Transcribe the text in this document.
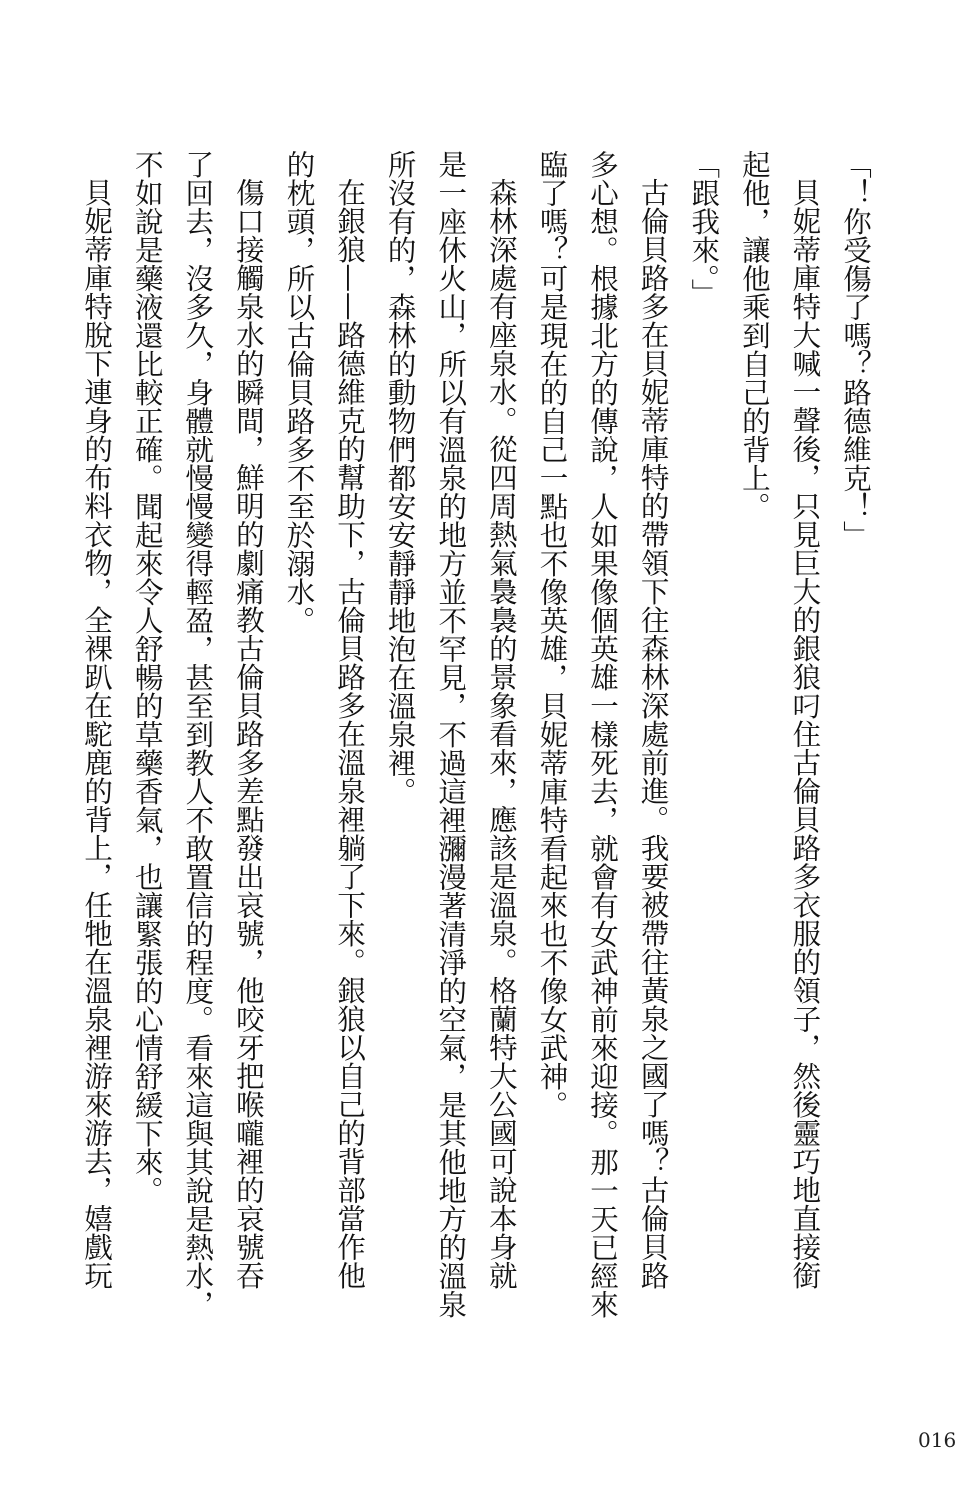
「！你受傷了嗎？路德維克！」
貝妮蒂庫特大喊一聲後，只見巨大的銀狼叼住古倫貝路多衣服的領子，然後靈巧地直接銜
起他，讓他乘到自己的背上。
「跟我來。」
古倫貝路多在貝妮蒂庫特的帶領下往森林深處前進。我要被帶往黃泉之國了嗎？古倫貝路
多心想。根據北方的傳說，人如果像個英雄一樣死去，就會有女武神前來迎接。那一天已經來
臨了嗎？可是現在的自己一點也不像英雄，貝妮蒂庫特看起來也不像女武神。
森林深處有座泉水。從四周熱氣裊裊的景象看來，應該是溫泉。格蘭特大公國可說本身就
是一座休火山，所以有溫泉的地方並不罕見，不過這裡瀰漫著清淨的空氣，是其他地方的溫泉
所沒有的，森林的動物們都安安靜靜地泡在溫泉裡。
在銀狼——路德維克的幫助下，古倫貝路多在溫泉裡躺了下來。銀狼以自己的背部當作他
的枕頭，所以古倫貝路多不至於溺水。
傷口接觸泉水的瞬間，鮮明的劇痛教古倫貝路多差點發出哀號，他咬牙把喉嚨裡的哀號吞
了回去，沒多久，身體就慢慢變得輕盈，甚至到教人不敢置信的程度。看來這與其說是熱水，
不如說是藥液還比較正確。聞起來令人舒暢的草藥香氣，也讓緊張的心情舒緩下來。
貝妮蒂庫特脫下連身的布料衣物，全裸趴在駝鹿的背上，任牠在溫泉裡游來游去，嬉戲玩
016
